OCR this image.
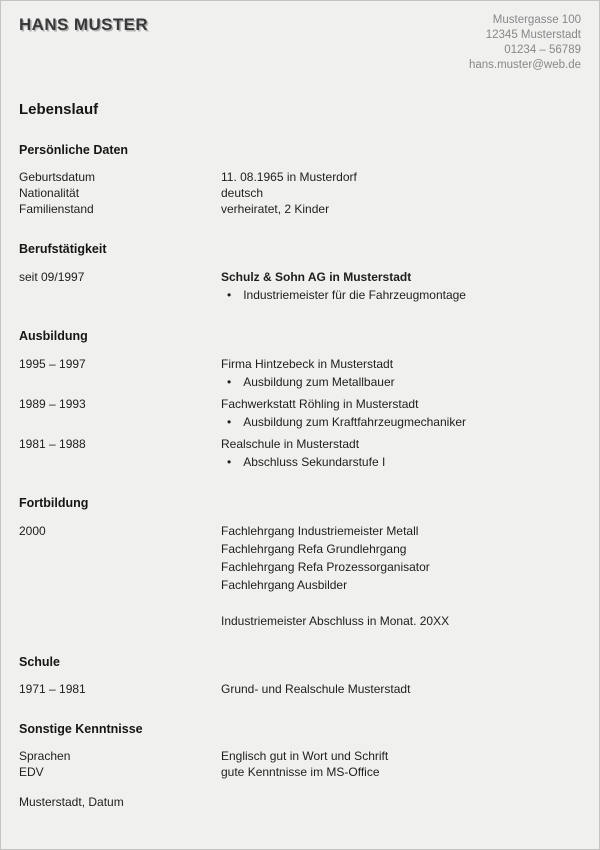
HANS MUSTER	Mustergasse 100
12345 Musterstadt
01234 – 56789
hans.muster@web.de
Lebenslauf
Persönliche Daten
Geburtsdatum	11. 08.1965 in Musterdorf
Nationalität	deutsch
Familienstand	verheiratet, 2 Kinder
Berufstätigkeit
seit 09/1997	Schulz & Sohn AG in Musterstadt
• Industriemeister für die Fahrzeugmontage
Ausbildung
1995 – 1997	Firma Hintzebeck in Musterstadt
• Ausbildung zum Metallbauer
1989 – 1993	Fachwerkstatt Röhling in Musterstadt
• Ausbildung zum Kraftfahrzeugmechaniker
1981 – 1988	Realschule in Musterstadt
• Abschluss Sekundarstufe I
Fortbildung
2000	Fachlehrgang Industriemeister Metall
Fachlehrgang Refa Grundlehrgang
Fachlehrgang Refa Prozessorganisator
Fachlehrgang Ausbilder
Industriemeister Abschluss in Monat. 20XX
Schule
1971 – 1981	Grund- und Realschule Musterstadt
Sonstige Kenntnisse
Sprachen	Englisch gut in Wort und Schrift
EDV	gute Kenntnisse im MS-Office
Musterstadt, Datum
